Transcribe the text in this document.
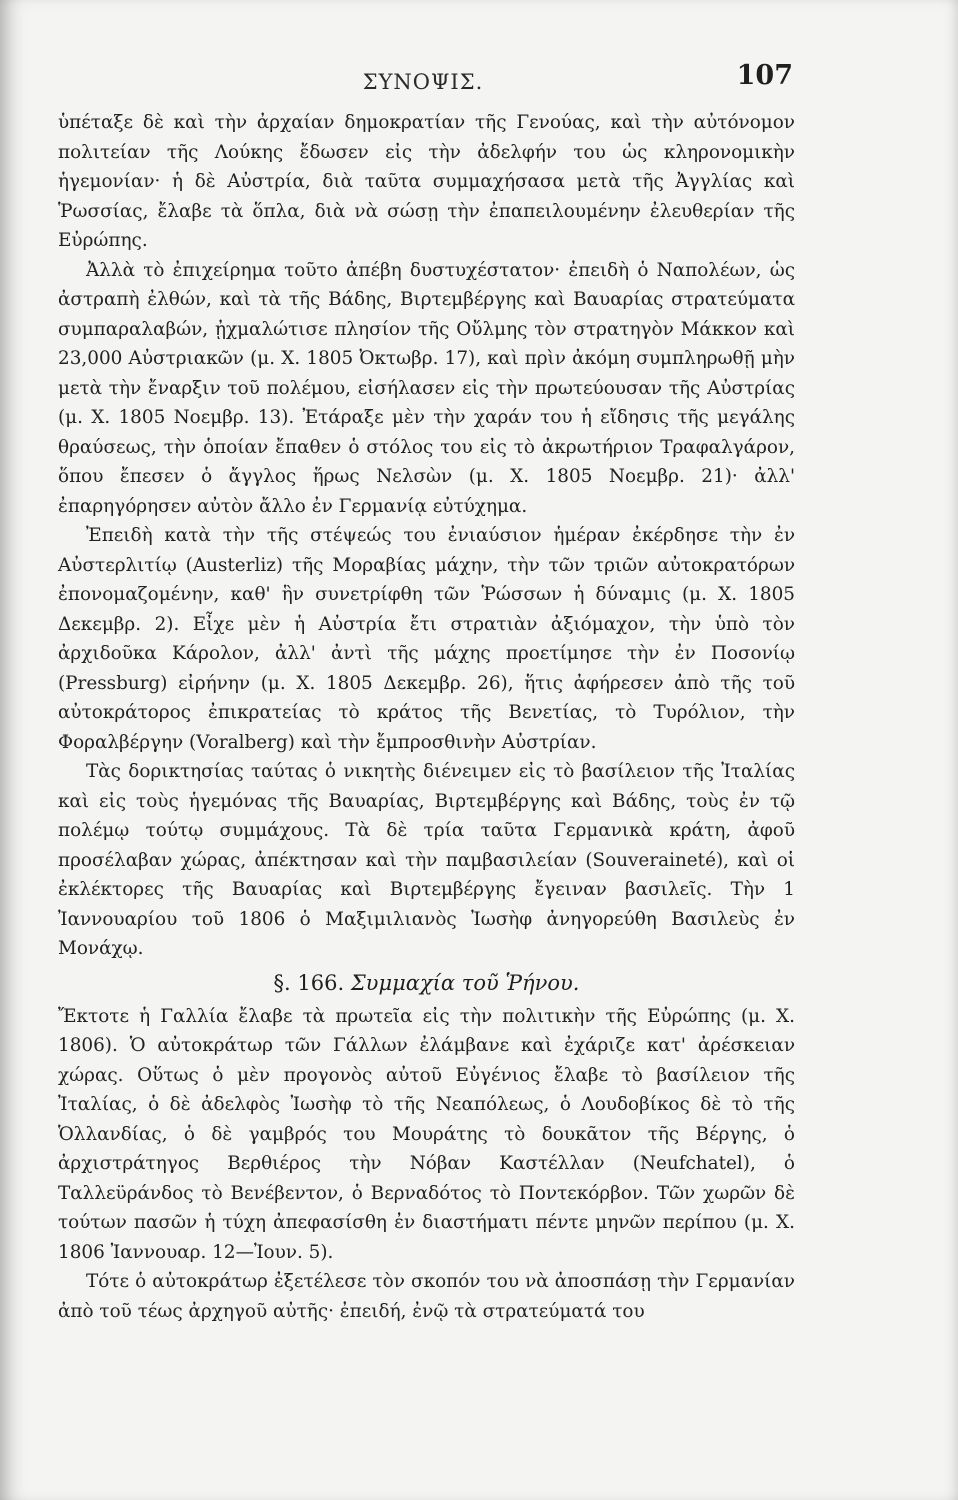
ΣΥΝΟΨΙΣ.	107

ὑπέταξε δὲ καὶ τὴν ἀρχαίαν δημοκρατίαν τῆς Γενούας, καὶ τὴν αὐτόνομον πολιτείαν τῆς Λούκης ἔδωσεν εἰς τὴν ἀδελφήν του ὡς κληρονομικὴν ἡγεμονίαν· ἡ δὲ Αὐστρία, διὰ ταῦτα συμμαχήσασα μετὰ τῆς Ἀγγλίας καὶ Ῥωσσίας, ἔλαβε τὰ ὅπλα, διὰ νὰ σώσῃ τὴν ἐπαπειλουμένην ἐλευθερίαν τῆς Εὐρώπης.

Ἀλλὰ τὸ ἐπιχείρημα τοῦτο ἀπέβη δυστυχέστατον· ἐπειδὴ ὁ Ναπολέων, ὡς ἀστραπὴ ἐλθών, καὶ τὰ τῆς Βάδης, Βιρτεμβέργης καὶ Βαυαρίας στρατεύματα συμπαραλαβών, ᾐχμαλώτισε πλησίον τῆς Οὔλμης τὸν στρατηγὸν Μάκκον καὶ 23,000 Αὐστριακῶν (μ. Χ. 1805 Ὀκτωβρ. 17), καὶ πρὶν ἀκόμη συμπληρωθῇ μὴν μετὰ τὴν ἔναρξιν τοῦ πολέμου, εἰσήλασεν εἰς τὴν πρωτεύουσαν τῆς Αὐστρίας (μ. Χ. 1805 Νοεμβρ. 13). Ἐτάραξε μὲν τὴν χαράν του ἡ εἴδησις τῆς μεγάλης θραύσεως, τὴν ὁποίαν ἔπαθεν ὁ στόλος του εἰς τὸ ἀκρωτήριον Τραφαλγάρον, ὅπου ἔπεσεν ὁ ἄγγλος ἥρως Νελσὼν (μ. Χ. 1805 Νοεμβρ. 21)· ἀλλ' ἐπαρηγόρησεν αὐτὸν ἄλλο ἐν Γερμανίᾳ εὐτύχημα.

Ἐπειδὴ κατὰ τὴν τῆς στέψεώς του ἐνιαύσιον ἡμέραν ἐκέρδησε τὴν ἐν Αὐστερλιτίῳ (Austerliz) τῆς Μοραβίας μάχην, τὴν τῶν τριῶν αὐτοκρατόρων ἐπονομαζομένην, καθ' ἣν συνετρίφθη τῶν Ῥώσσων ἡ δύναμις (μ. Χ. 1805 Δεκεμβρ. 2). Εἶχε μὲν ἡ Αὐστρία ἔτι στρατιὰν ἀξιόμαχον, τὴν ὑπὸ τὸν ἀρχιδοῦκα Κάρολον, ἀλλ' ἀντὶ τῆς μάχης προετίμησε τὴν ἐν Ποσονίῳ (Pressburg) εἰρήνην (μ. Χ. 1805 Δεκεμβρ. 26), ἥτις ἀφήρεσεν ἀπὸ τῆς τοῦ αὐτοκράτορος ἐπικρατείας τὸ κράτος τῆς Βενετίας, τὸ Τυρόλιον, τὴν Φοραλβέργην (Voralberg) καὶ τὴν ἔμπροσθινὴν Αὐστρίαν.

Τὰς δορικτησίας ταύτας ὁ νικητὴς διένειμεν εἰς τὸ βασίλειον τῆς Ἰταλίας καὶ εἰς τοὺς ἡγεμόνας τῆς Βαυαρίας, Βιρτεμβέργης καὶ Βάδης, τοὺς ἐν τῷ πολέμῳ τούτῳ συμμάχους. Τὰ δὲ τρία ταῦτα Γερμανικὰ κράτη, ἀφοῦ προσέλαβαν χώρας, ἀπέκτησαν καὶ τὴν παμβασιλείαν (Souveraineté), καὶ οἱ ἐκλέκτορες τῆς Βαυαρίας καὶ Βιρτεμβέργης ἔγειναν βασιλεῖς. Τὴν 1 Ἰαννουαρίου τοῦ 1806 ὁ Μαξιμιλιανὸς Ἰωσὴφ ἀνηγορεύθη Βασιλεὺς ἐν Μονάχῳ.

§. 166. Συμμαχία τοῦ Ῥήνου.

Ἔκτοτε ἡ Γαλλία ἔλαβε τὰ πρωτεῖα εἰς τὴν πολιτικὴν τῆς Εὐρώπης (μ. Χ. 1806). Ὁ αὐτοκράτωρ τῶν Γάλλων ἐλάμβανε καὶ ἐχάριζε κατ' ἀρέσκειαν χώρας. Οὕτως ὁ μὲν προγονὸς αὐτοῦ Εὐγένιος ἔλαβε τὸ βασίλειον τῆς Ἰταλίας, ὁ δὲ ἀδελφὸς Ἰωσὴφ τὸ τῆς Νεαπόλεως, ὁ Λουδοβίκος δὲ τὸ τῆς Ὁλλανδίας, ὁ δὲ γαμβρός του Μουράτης τὸ δουκᾶτον τῆς Βέργης, ὁ ἀρχιστράτηγος Βερθιέρος τὴν Νόβαν Καστέλλαν (Neufchatel), ὁ Ταλλεϋράνδος τὸ Βενέβεντον, ὁ Βερναδότος τὸ Ποντεκόρβον. Τῶν χωρῶν δὲ τούτων πασῶν ἡ τύχη ἀπεφασίσθη ἐν διαστήματι πέντε μηνῶν περίπου (μ. Χ. 1806 Ἰαννουαρ. 12—Ἰουν. 5).

Τότε ὁ αὐτοκράτωρ ἐξετέλεσε τὸν σκοπόν του νὰ ἀποσπάσῃ τὴν Γερμανίαν ἀπὸ τοῦ τέως ἀρχηγοῦ αὐτῆς· ἐπειδή, ἐνῷ τὰ στρατεύματά του
